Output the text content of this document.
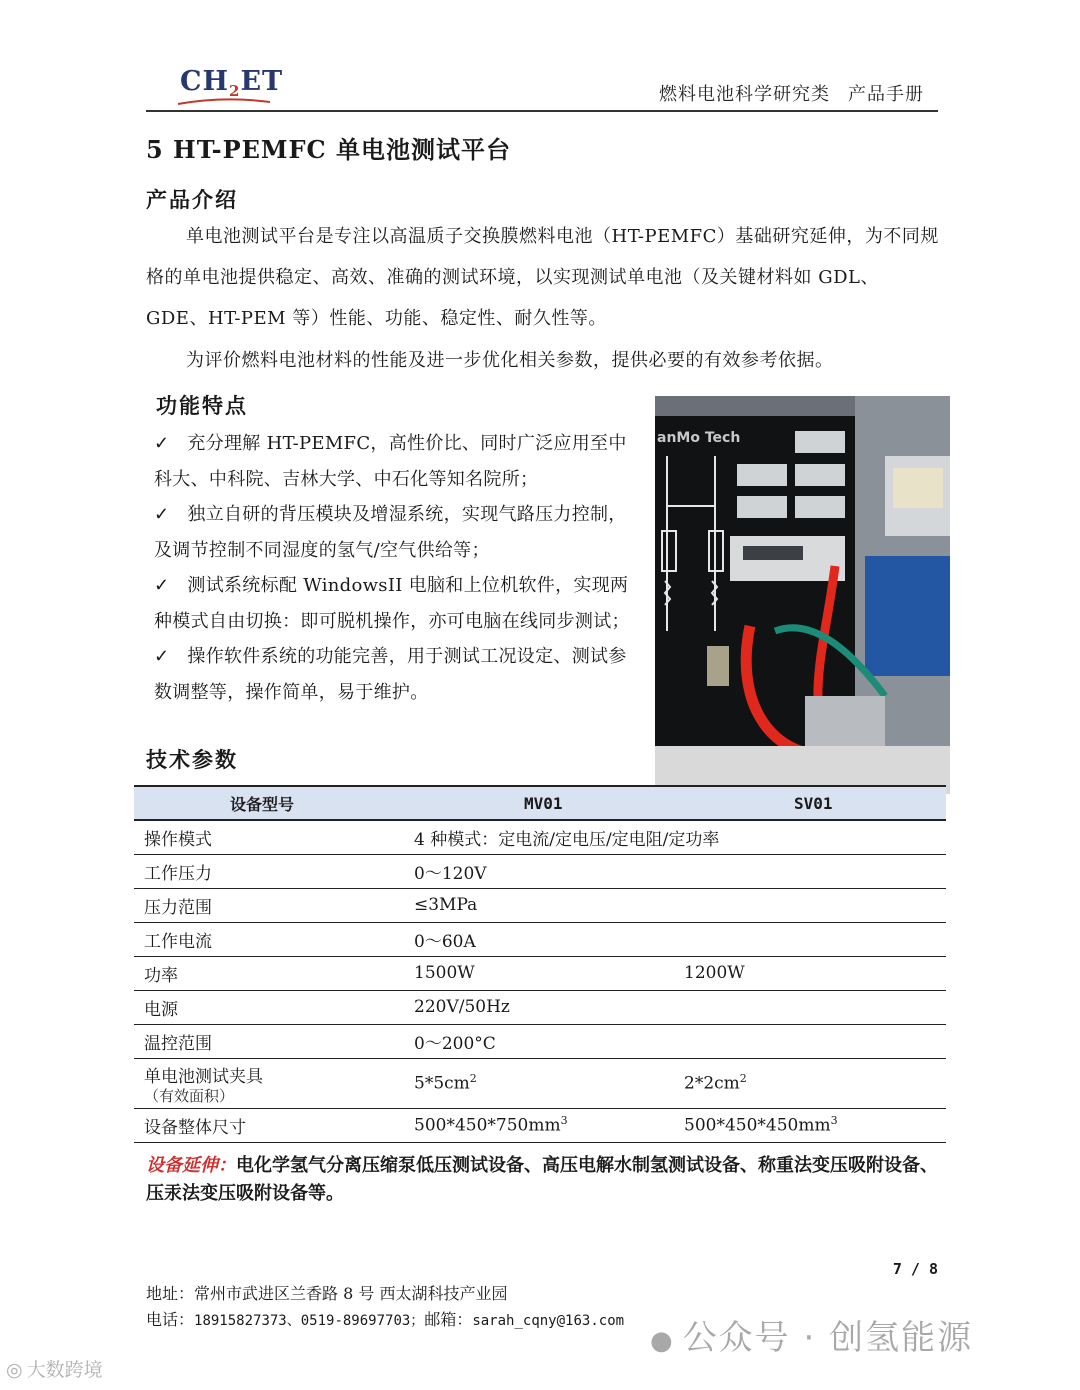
$CH_2ET$	燃料电池科学研究类 产品手册
5 HT-PEMFC 单电池测试平台
产品介绍
单电池测试平台是专注以高温质子交换膜燃料电池（HT-PEMFC）基础研究延伸，为不同规格的单电池提供稳定、高效、准确的测试环境，以实现测试单电池（及关键材料如 GDL、GDE、HT-PEM 等）性能、功能、稳定性、耐久性等。
为评价燃料电池材料的性能及进一步优化相关参数，提供必要的有效参考依据。
功能特点
✓ 充分理解 HT-PEMFC，高性价比、同时广泛应用至中科大、中科院、吉林大学、中石化等知名院所；
✓ 独立自研的背压模块及增湿系统，实现气路压力控制，及调节控制不同湿度的氢气/空气供给等；
✓ 测试系统标配 WindowsII 电脑和上位机软件，实现两种模式自由切换：即可脱机操作，亦可电脑在线同步测试；
✓ 操作软件系统的功能完善，用于测试工况设定、测试参数调整等，操作简单，易于维护。
anMo Tech
技术参数
设备型号	MV01	SV01
操作模式	4 种模式：定电流/定电压/定电阻/定功率	
工作压力	0～120V	
压力范围	≤3MPa	
工作电流	0～60A	
功率	1500W	1200W
电源	220V/50Hz	
温控范围	0～200°C	
单电池测试夹具
（有效面积）	$5*5cm^2$	$2*2cm^2$
设备整体尺寸	$500*450*750mm^3$	$500*450*450mm^3$
设备延伸：电化学氢气分离压缩泵低压测试设备、高压电解水制氢测试设备、称重法变压吸附设备、压汞法变压吸附设备等。
7 / 8
地址：常州市武进区兰香路 8 号 西太湖科技产业园
电话：18915827373、0519-89697703；邮箱：sarah_cqny@163.com
● 公众号 · 创氢能源
◎ 大数跨境
